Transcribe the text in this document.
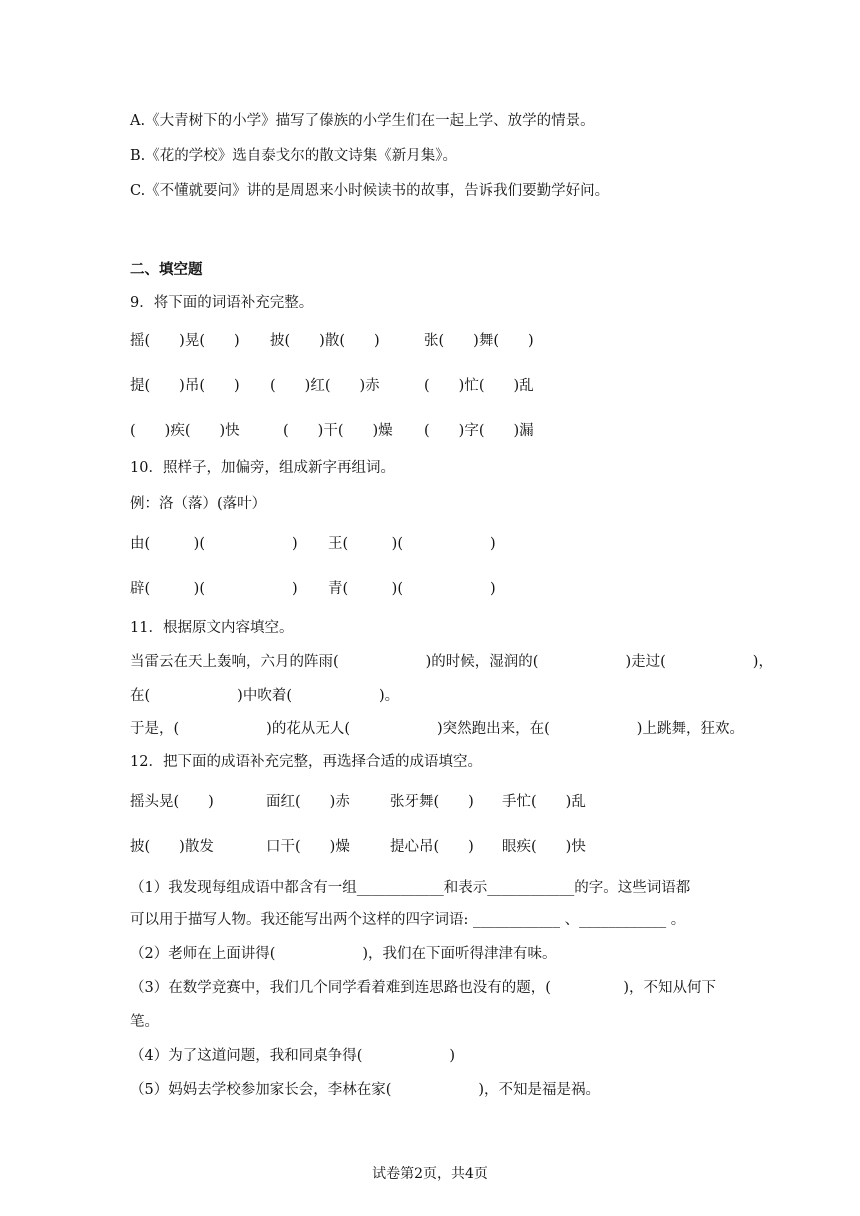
A.《大青树下的小学》描写了傣族的小学生们在一起上学、放学的情景。
B.《花的学校》选自泰戈尔的散文诗集《新月集》。
C.《不懂就要问》讲的是周恩来小时候读书的故事，告诉我们要勤学好问。
二、填空题
9．将下面的词语补充完整。
摇(　　)晃(　　) 披(　　)散(　　)	张(　　)舞(　　)
提(　　)吊(　　) (　　)红(　　)赤	(　　)忙(　　)乱
(　　)疾(　　)快	(　　)干(　　)燥 (　　)字(　　)漏
10．照样子，加偏旁，组成新字再组词。
例：洛（落）(落叶）
由(　　　)(　　　　　　) 王(　　　)(　　　　　　)
辟(　　　)(　　　　　　) 青(　　　)(　　　　　　)
11．根据原文内容填空。
当雷云在天上轰响，六月的阵雨(　　　　　　)的时候，湿润的(　　　　　　)走过(　　　　　　)，
在(　　　　　　)中吹着(　　　　　　)。
于是，(　　　　　　)的花从无人(　　　　　　)突然跑出来，在(　　　　　　)上跳舞，狂欢。
12．把下面的成语补充完整，再选择合适的成语填空。
摇头晃(　　)	面红(　　)赤	张牙舞(　　) 手忙(　　)乱
披(　　)散发	口干(　　)燥	提心吊(　　) 眼疾(　　)快
（1）我发现每组成语中都含有一组____________和表示____________的字。这些词语都
可以用于描写人物。我还能写出两个这样的四字词语: ____________ 、____________ 。
（2）老师在上面讲得(　　　　　　)，我们在下面听得津津有味。
（3）在数学竞赛中，我们几个同学看着难到连思路也没有的题，(　　　　　)，不知从何下
笔。
（4）为了这道问题，我和同桌争得(　　　　　　)
（5）妈妈去学校参加家长会，李林在家(　　　　　　)，不知是福是祸。
试卷第2页，共4页
